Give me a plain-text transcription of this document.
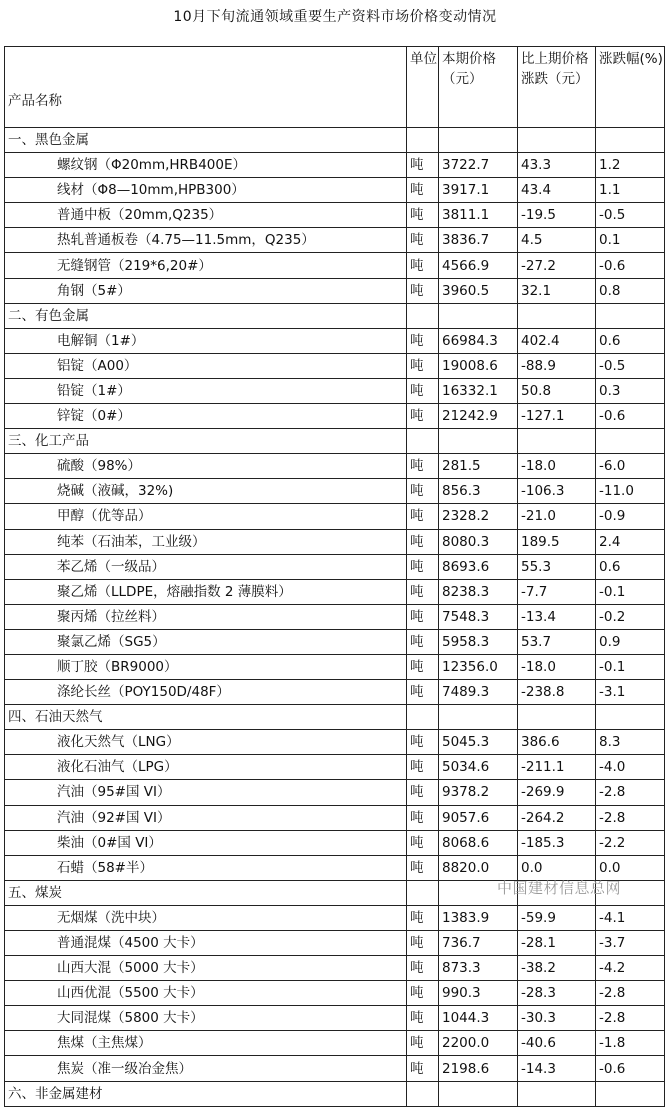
10月下旬流通领域重要生产资料市场价格变动情况
产品名称	单位	本期价格（元）	比上期价格涨跌（元）	涨跌幅(%)
一、黑色金属				
螺纹钢（Φ20mm,HRB400E）	吨	3722.7	43.3	1.2
线材（Φ8—10mm,HPB300）	吨	3917.1	43.4	1.1
普通中板（20mm,Q235）	吨	3811.1	-19.5	-0.5
热轧普通板卷（4.75—11.5mm，Q235）	吨	3836.7	4.5	0.1
无缝钢管（219*6,20#）	吨	4566.9	-27.2	-0.6
角钢（5#）	吨	3960.5	32.1	0.8
二、有色金属				
电解铜（1#）	吨	66984.3	402.4	0.6
铝锭（A00）	吨	19008.6	-88.9	-0.5
铅锭（1#）	吨	16332.1	50.8	0.3
锌锭（0#）	吨	21242.9	-127.1	-0.6
三、化工产品				
硫酸（98%）	吨	281.5	-18.0	-6.0
烧碱（液碱，32%)	吨	856.3	-106.3	-11.0
甲醇（优等品）	吨	2328.2	-21.0	-0.9
纯苯（石油苯，工业级）	吨	8080.3	189.5	2.4
苯乙烯（一级品）	吨	8693.6	55.3	0.6
聚乙烯（LLDPE，熔融指数 2 薄膜料）	吨	8238.3	-7.7	-0.1
聚丙烯（拉丝料）	吨	7548.3	-13.4	-0.2
聚氯乙烯（SG5）	吨	5958.3	53.7	0.9
顺丁胶（BR9000）	吨	12356.0	-18.0	-0.1
涤纶长丝（POY150D/48F）	吨	7489.3	-238.8	-3.1
四、石油天然气				
液化天然气（LNG）	吨	5045.3	386.6	8.3
液化石油气（LPG）	吨	5034.6	-211.1	-4.0
汽油（95#国 VI）	吨	9378.2	-269.9	-2.8
汽油（92#国 VI）	吨	9057.6	-264.2	-2.8
柴油（0#国 VI）	吨	8068.6	-185.3	-2.2
石蜡（58#半）	吨	8820.0	0.0	0.0
五、煤炭				
无烟煤（洗中块）	吨	1383.9	-59.9	-4.1
普通混煤（4500 大卡）	吨	736.7	-28.1	-3.7
山西大混（5000 大卡）	吨	873.3	-38.2	-4.2
山西优混（5500 大卡）	吨	990.3	-28.3	-2.8
大同混煤（5800 大卡）	吨	1044.3	-30.3	-2.8
焦煤（主焦煤）	吨	2200.0	-40.6	-1.8
焦炭（准一级冶金焦）	吨	2198.6	-14.3	-0.6
六、非金属建材				
中国建材信息总网
